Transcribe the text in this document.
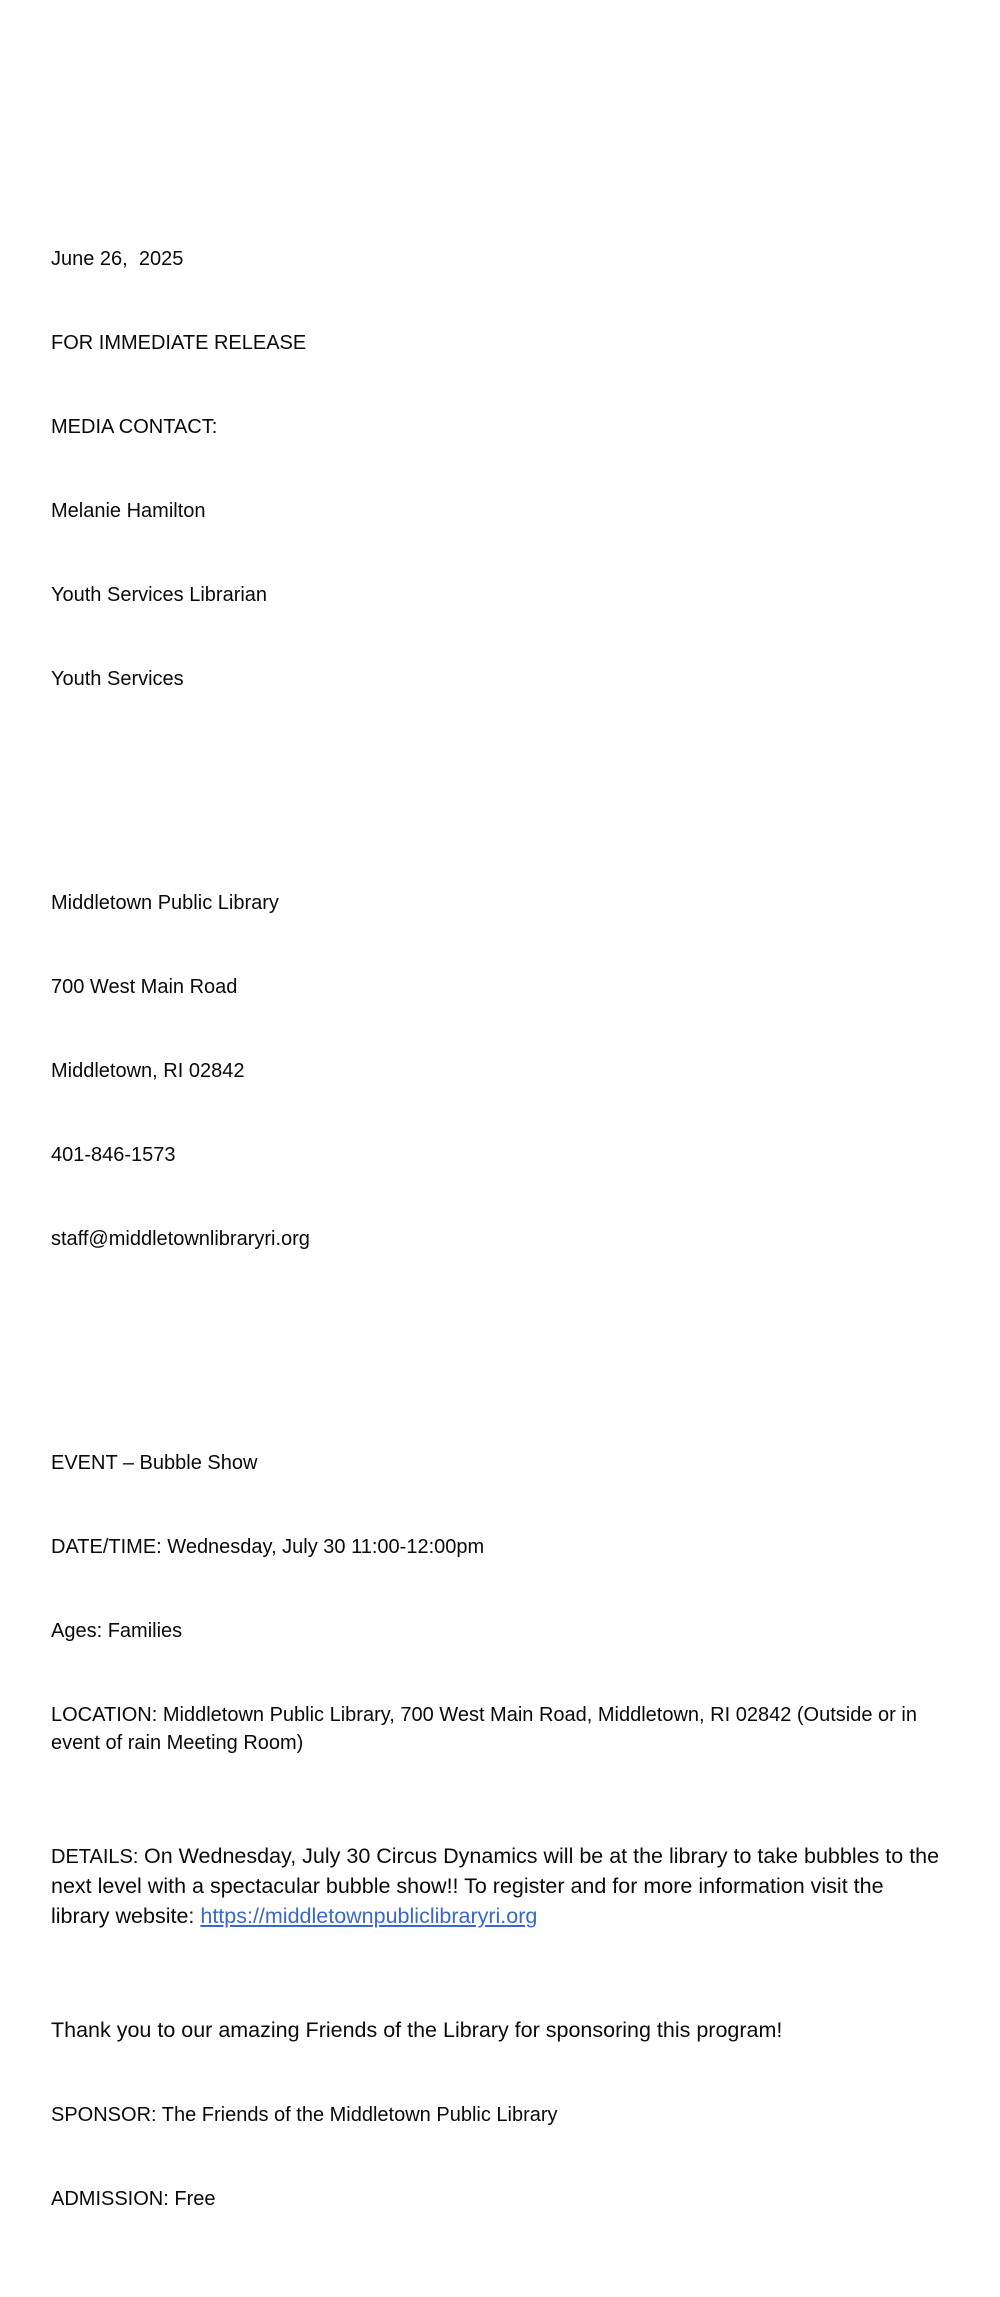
June 26,  2025

FOR IMMEDIATE RELEASE

MEDIA CONTACT:

Melanie Hamilton

Youth Services Librarian

Youth Services

Middletown Public Library

700 West Main Road

Middletown, RI 02842

401-846-1573

staff@middletownlibraryri.org

EVENT – Bubble Show

DATE/TIME: Wednesday, July 30 11:00-12:00pm

Ages: Families

LOCATION: Middletown Public Library, 700 West Main Road, Middletown, RI 02842 (Outside or in event of rain Meeting Room)

DETAILS: On Wednesday, July 30 Circus Dynamics will be at the library to take bubbles to the next level with a spectacular bubble show!! To register and for more information visit the library website: https://middletownpubliclibraryri.org

Thank you to our amazing Friends of the Library for sponsoring this program!

SPONSOR: The Friends of the Middletown Public Library

ADMISSION: Free
